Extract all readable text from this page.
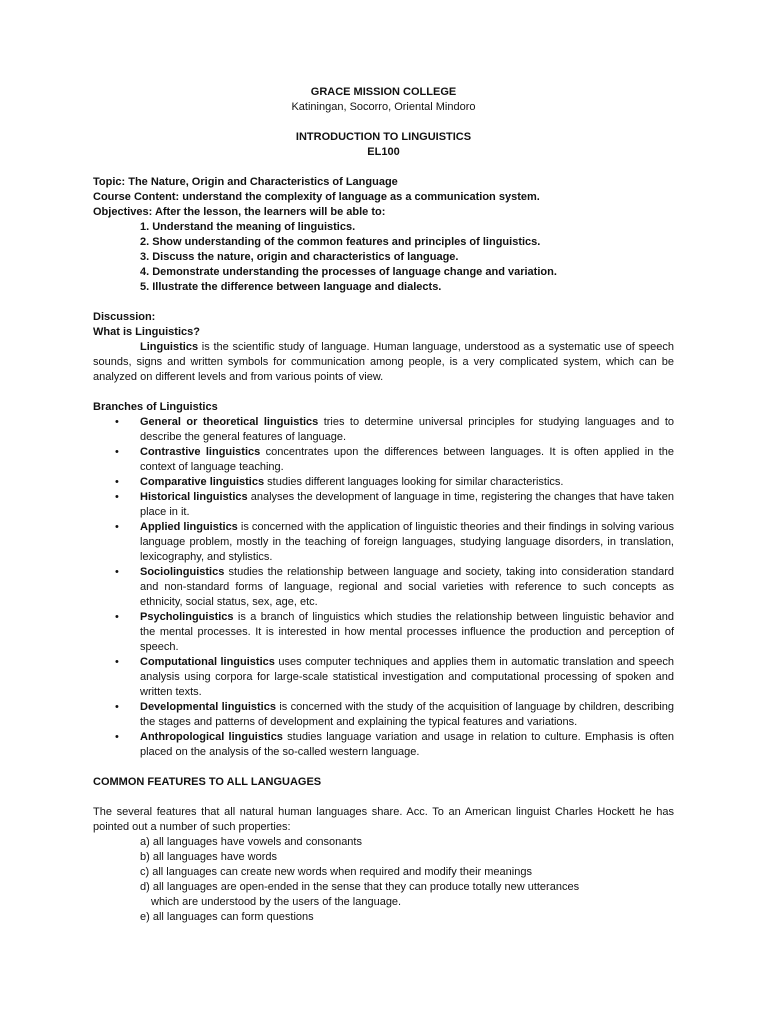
GRACE MISSION COLLEGE
Katiningan, Socorro, Oriental Mindoro
INTRODUCTION TO LINGUISTICS
EL100
Topic: The Nature, Origin and Characteristics of Language
Course Content: understand the complexity of language as a communication system.
Objectives: After the lesson, the learners will be able to:
1. Understand the meaning of linguistics.
2. Show understanding of the common features and principles of linguistics.
3. Discuss the nature, origin and characteristics of language.
4. Demonstrate understanding the processes of language change and variation.
5. Illustrate the difference between language and dialects.
Discussion:
What is Linguistics?
Linguistics is the scientific study of language. Human language, understood as a systematic use of speech sounds, signs and written symbols for communication among people, is a very complicated system, which can be analyzed on different levels and from various points of view.
Branches of Linguistics
• General or theoretical linguistics tries to determine universal principles for studying languages and to describe the general features of language.
• Contrastive linguistics concentrates upon the differences between languages. It is often applied in the context of language teaching.
• Comparative linguistics studies different languages looking for similar characteristics.
• Historical linguistics analyses the development of language in time, registering the changes that have taken place in it.
• Applied linguistics is concerned with the application of linguistic theories and their findings in solving various language problem, mostly in the teaching of foreign languages, studying language disorders, in translation, lexicography, and stylistics.
• Sociolinguistics studies the relationship between language and society, taking into consideration standard and non-standard forms of language, regional and social varieties with reference to such concepts as ethnicity, social status, sex, age, etc.
• Psycholinguistics is a branch of linguistics which studies the relationship between linguistic behavior and the mental processes. It is interested in how mental processes influence the production and perception of speech.
• Computational linguistics uses computer techniques and applies them in automatic translation and speech analysis using corpora for large-scale statistical investigation and computational processing of spoken and written texts.
• Developmental linguistics is concerned with the study of the acquisition of language by children, describing the stages and patterns of development and explaining the typical features and variations.
• Anthropological linguistics studies language variation and usage in relation to culture. Emphasis is often placed on the analysis of the so-called western language.
COMMON FEATURES TO ALL LANGUAGES
The several features that all natural human languages share. Acc. To an American linguist Charles Hockett he has pointed out a number of such properties:
a) all languages have vowels and consonants
b) all languages have words
c) all languages can create new words when required and modify their meanings
d) all languages are open-ended in the sense that they can produce totally new utterances
which are understood by the users of the language.
e) all languages can form questions
